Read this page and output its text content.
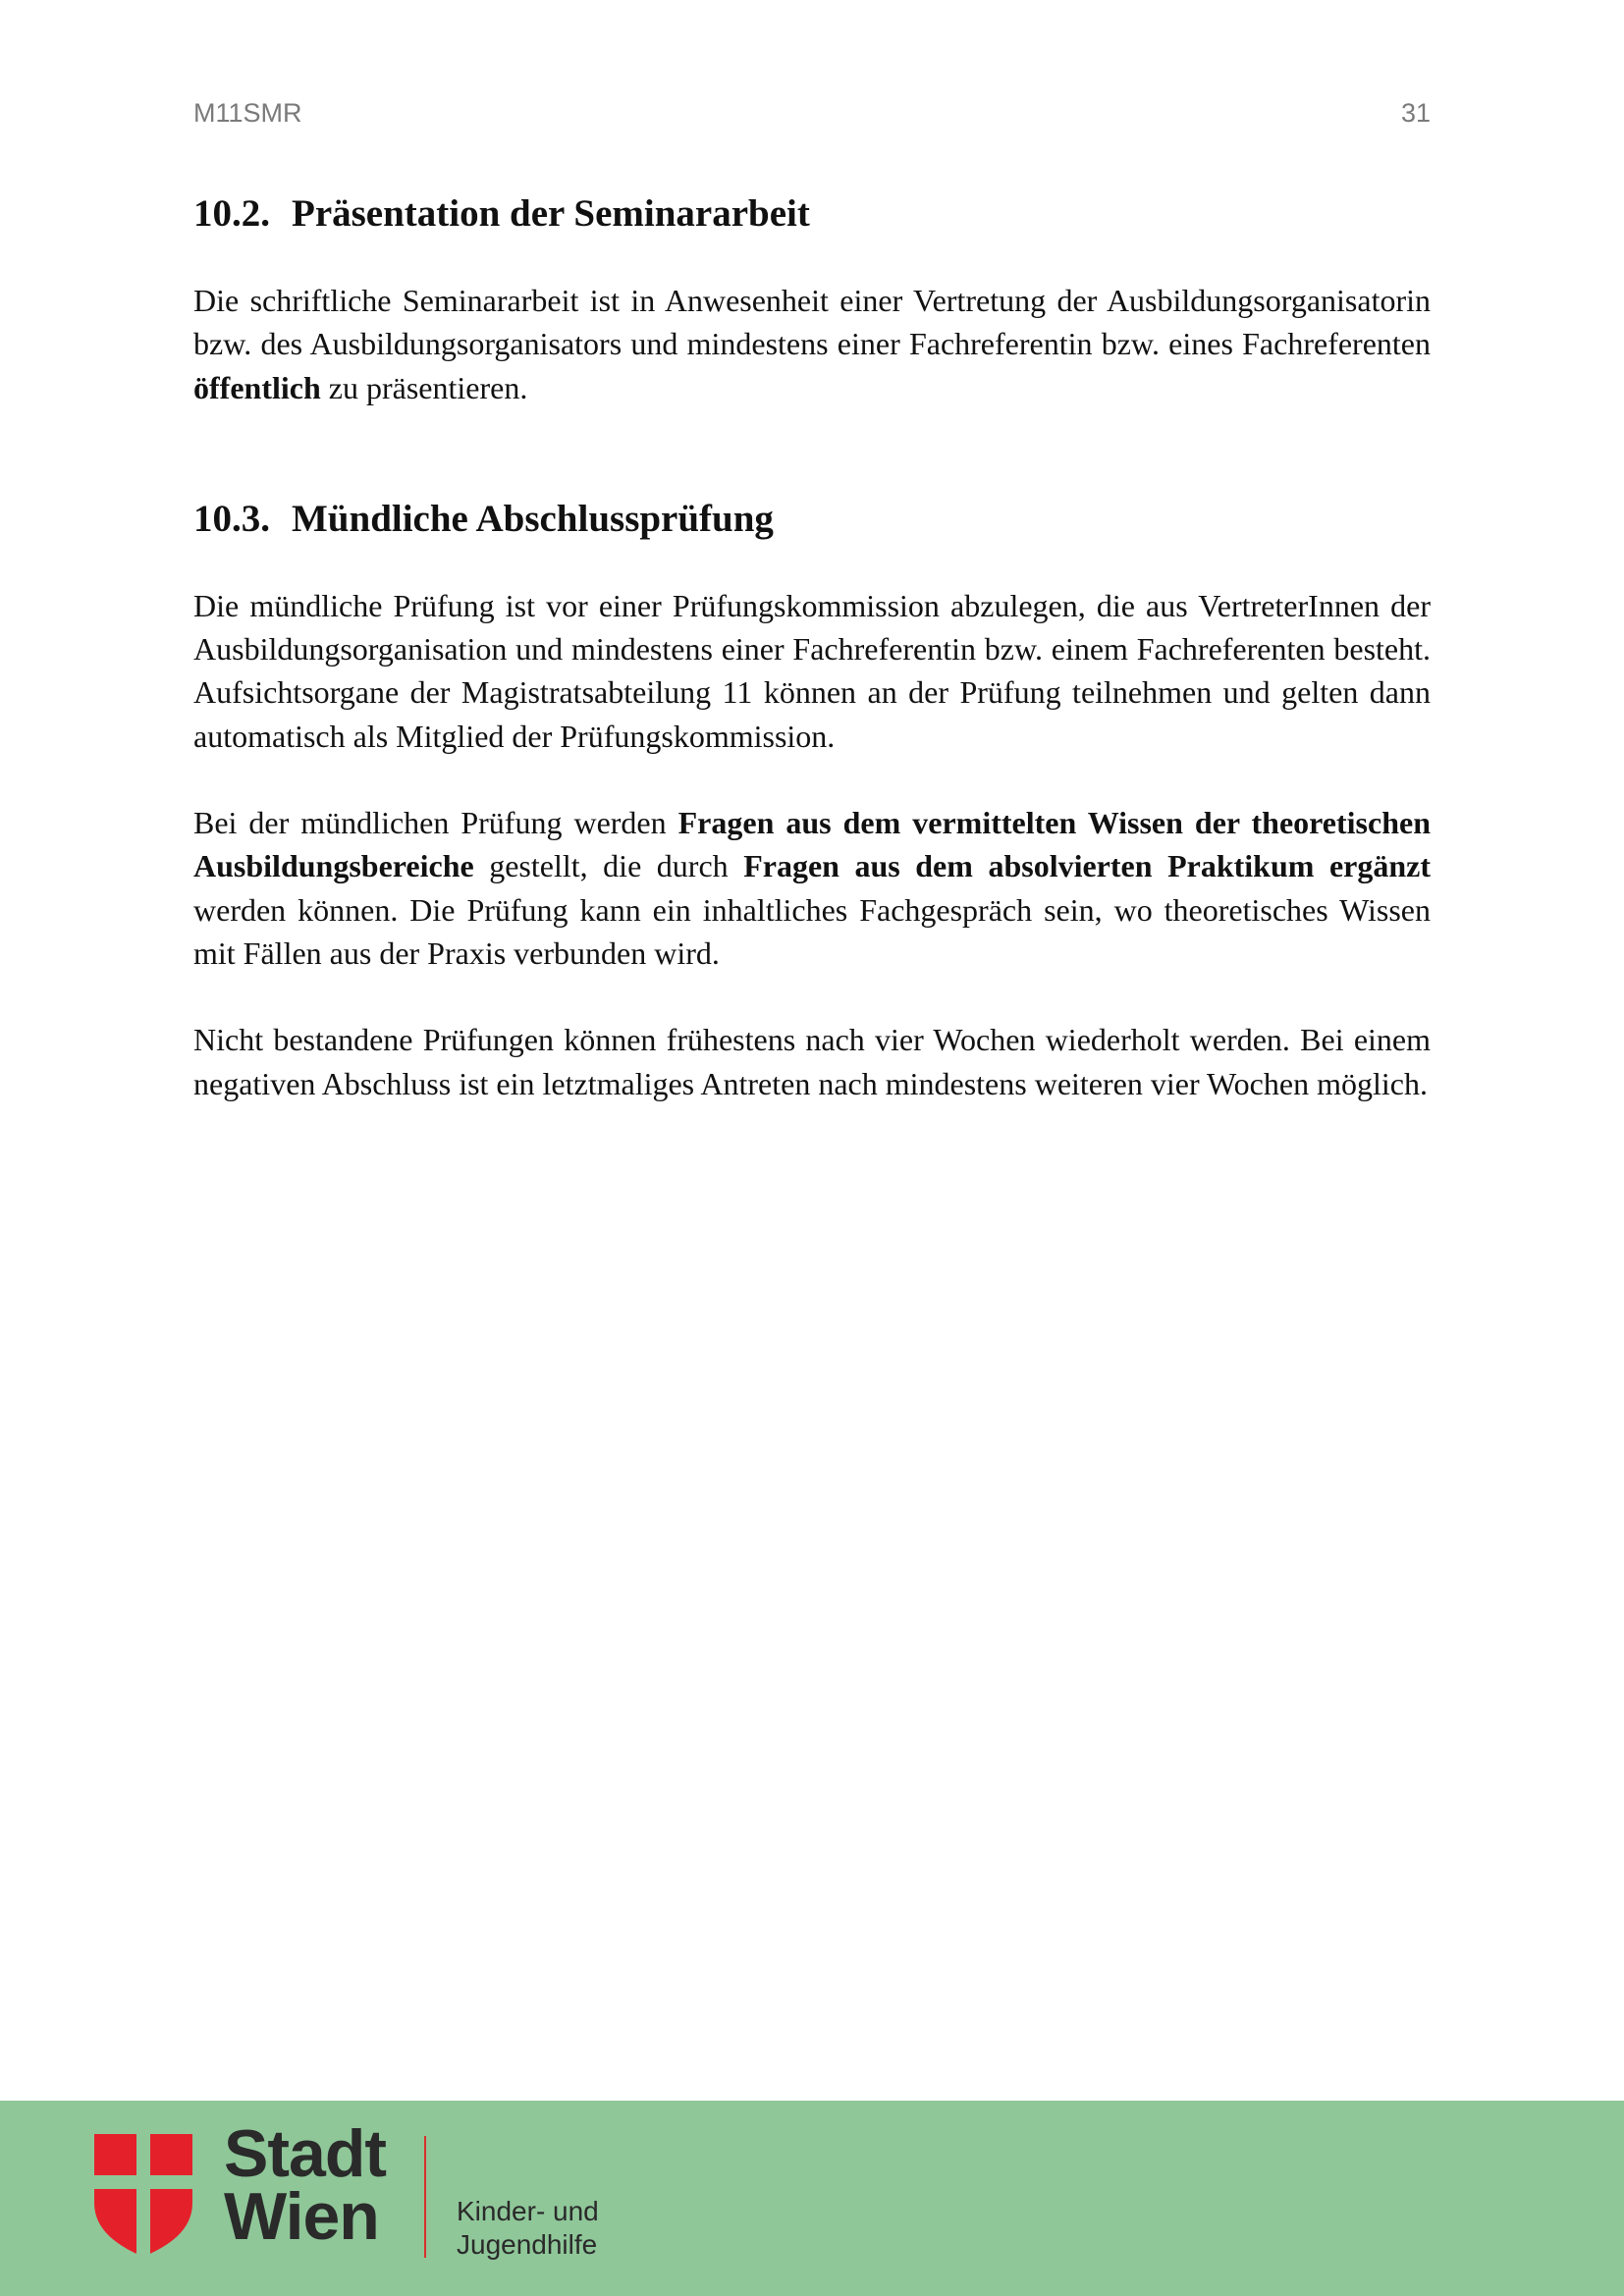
M11SMR	31
10.2. Präsentation der Seminararbeit

Die schriftliche Seminararbeit ist in Anwesenheit einer Vertretung der Ausbildungsorganisatorin bzw. des Ausbildungsorganisators und mindestens einer Fachreferentin bzw. eines Fachreferenten öffentlich zu präsentieren.

10.3. Mündliche Abschlussprüfung

Die mündliche Prüfung ist vor einer Prüfungskommission abzulegen, die aus VertreterInnen der Ausbildungsorganisation und mindestens einer Fachreferentin bzw. einem Fachreferenten besteht. Aufsichtsorgane der Magistratsabteilung 11 können an der Prüfung teilnehmen und gelten dann automatisch als Mitglied der Prüfungskommission.

Bei der mündlichen Prüfung werden Fragen aus dem vermittelten Wissen der theoretischen Ausbildungsbereiche gestellt, die durch Fragen aus dem absolvierten Praktikum ergänzt werden können. Die Prüfung kann ein inhaltliches Fachgespräch sein, wo theoretisches Wissen mit Fällen aus der Praxis verbunden wird.

Nicht bestandene Prüfungen können frühestens nach vier Wochen wiederholt werden. Bei einem negativen Abschluss ist ein letztmaliges Antreten nach mindestens weiteren vier Wochen möglich.

Stadt
Wien	Kinder- und
Jugendhilfe
